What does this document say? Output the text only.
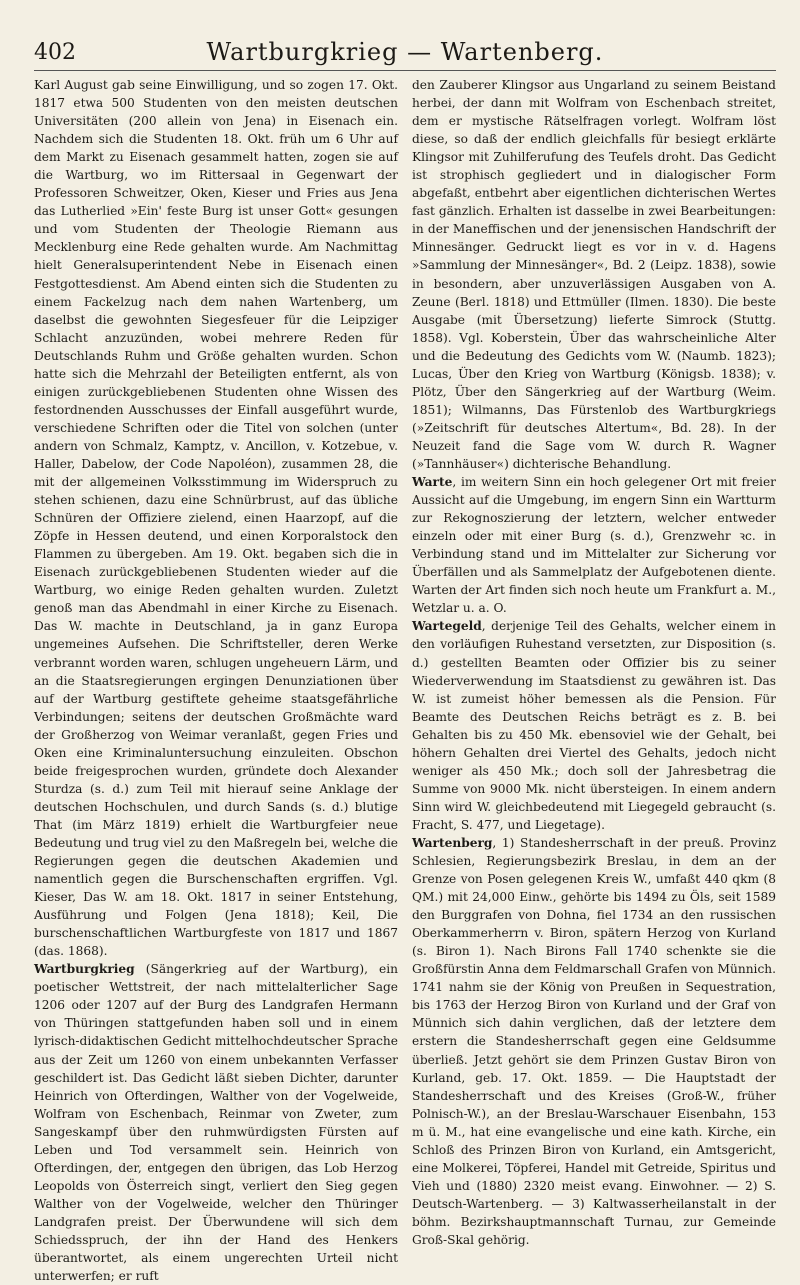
402	Wartburgkrieg — Wartenberg.

Karl August gab seine Einwilligung, und so zogen 17. Okt. 1817 etwa 500 Studenten von den meisten deutschen Universitäten (200 allein von Jena) in Eisenach ein. Nachdem sich die Studenten 18. Okt. früh um 6 Uhr auf dem Markt zu Eisenach gesammelt hatten, zogen sie auf die Wartburg, wo im Rittersaal in Gegenwart der Professoren Schweitzer, Oken, Kieser und Fries aus Jena das Lutherlied »Ein' feste Burg ist unser Gott« gesungen und vom Studenten der Theologie Riemann aus Mecklenburg eine Rede gehalten wurde. Am Nachmittag hielt Generalsuperintendent Nebe in Eisenach einen Festgottesdienst. Am Abend einten sich die Studenten zu einem Fackelzug nach dem nahen Wartenberg, um daselbst die gewohnten Siegesfeuer für die Leipziger Schlacht anzuzünden, wobei mehrere Reden für Deutschlands Ruhm und Größe gehalten wurden. Schon hatte sich die Mehrzahl der Beteiligten entfernt, als von einigen zurückgebliebenen Studenten ohne Wissen des festordnenden Ausschusses der Einfall ausgeführt wurde, verschiedene Schriften oder die Titel von solchen (unter andern von Schmalz, Kamptz, v. Ancillon, v. Kotzebue, v. Haller, Dabelow, der Code Napoléon), zusammen 28, die mit der allgemeinen Volksstimmung im Widerspruch zu stehen schienen, dazu eine Schnürbrust, auf das übliche Schnüren der Offiziere zielend, einen Haarzopf, auf die Zöpfe in Hessen deutend, und einen Korporalstock den Flammen zu übergeben. Am 19. Okt. begaben sich die in Eisenach zurückgebliebenen Studenten wieder auf die Wartburg, wo einige Reden gehalten wurden. Zuletzt genoß man das Abendmahl in einer Kirche zu Eisenach. Das W. machte in Deutschland, ja in ganz Europa ungemeines Aufsehen. Die Schriftsteller, deren Werke verbrannt worden waren, schlugen ungeheuern Lärm, und an die Staatsregierungen ergingen Denunziationen über auf der Wartburg gestiftete geheime staatsgefährliche Verbindungen; seitens der deutschen Großmächte ward der Großherzog von Weimar veranlaßt, gegen Fries und Oken eine Kriminaluntersuchung einzuleiten. Obschon beide freigesprochen wurden, gründete doch Alexander Sturdza (s. d.) zum Teil mit hierauf seine Anklage der deutschen Hochschulen, und durch Sands (s. d.) blutige That (im März 1819) erhielt die Wartburgfeier neue Bedeutung und trug viel zu den Maßregeln bei, welche die Regierungen gegen die deutschen Akademien und namentlich gegen die Burschenschaften ergriffen. Vgl. Kieser, Das W. am 18. Okt. 1817 in seiner Entstehung, Ausführung und Folgen (Jena 1818); Keil, Die burschenschaftlichen Wartburgfeste von 1817 und 1867 (das. 1868).

Wartburgkrieg (Sängerkrieg auf der Wartburg), ein poetischer Wettstreit, der nach mittelalterlicher Sage 1206 oder 1207 auf der Burg des Landgrafen Hermann von Thüringen stattgefunden haben soll und in einem lyrisch-didaktischen Gedicht mittelhochdeutscher Sprache aus der Zeit um 1260 von einem unbekannten Verfasser geschildert ist. Das Gedicht läßt sieben Dichter, darunter Heinrich von Ofterdingen, Walther von der Vogelweide, Wolfram von Eschenbach, Reinmar von Zweter, zum Sangeskampf über den ruhmwürdigsten Fürsten auf Leben und Tod versammelt sein. Heinrich von Ofterdingen, der, entgegen den übrigen, das Lob Herzog Leopolds von Österreich singt, verliert den Sieg gegen Walther von der Vogelweide, welcher den Thüringer Landgrafen preist. Der Überwundene will sich dem Schiedsspruch, der ihn der Hand des Henkers überantwortet, als einem ungerechten Urteil nicht unterwerfen; er ruft

den Zauberer Klingsor aus Ungarland zu seinem Beistand herbei, der dann mit Wolfram von Eschenbach streitet, dem er mystische Rätselfragen vorlegt. Wolfram löst diese, so daß der endlich gleichfalls für besiegt erklärte Klingsor mit Zuhilferufung des Teufels droht. Das Gedicht ist strophisch gegliedert und in dialogischer Form abgefaßt, entbehrt aber eigentlichen dichterischen Wertes fast gänzlich. Erhalten ist dasselbe in zwei Bearbeitungen: in der Maneffischen und der jenensischen Handschrift der Minnesänger. Gedruckt liegt es vor in v. d. Hagens »Sammlung der Minnesänger«, Bd. 2 (Leipz. 1838), sowie in besondern, aber unzuverlässigen Ausgaben von A. Zeune (Berl. 1818) und Ettmüller (Ilmen. 1830). Die beste Ausgabe (mit Übersetzung) lieferte Simrock (Stuttg. 1858). Vgl. Koberstein, Über das wahrscheinliche Alter und die Bedeutung des Gedichts vom W. (Naumb. 1823); Lucas, Über den Krieg von Wartburg (Königsb. 1838); v. Plötz, Über den Sängerkrieg auf der Wartburg (Weim. 1851); Wilmanns, Das Fürstenlob des Wartburgkriegs (»Zeitschrift für deutsches Altertum«, Bd. 28). In der Neuzeit fand die Sage vom W. durch R. Wagner (»Tannhäuser«) dichterische Behandlung.

Warte, im weitern Sinn ein hoch gelegener Ort mit freier Aussicht auf die Umgebung, im engern Sinn ein Wartturm zur Rekognoszierung der letztern, welcher entweder einzeln oder mit einer Burg (s. d.), Grenzwehr ꝛc. in Verbindung stand und im Mittelalter zur Sicherung vor Überfällen und als Sammelplatz der Aufgebotenen diente. Warten der Art finden sich noch heute um Frankfurt a. M., Wetzlar u. a. O.

Wartegeld, derjenige Teil des Gehalts, welcher einem in den vorläufigen Ruhestand versetzten, zur Disposition (s. d.) gestellten Beamten oder Offizier bis zu seiner Wiederverwendung im Staatsdienst zu gewähren ist. Das W. ist zumeist höher bemessen als die Pension. Für Beamte des Deutschen Reichs beträgt es z. B. bei Gehalten bis zu 450 Mk. ebensoviel wie der Gehalt, bei höhern Gehalten drei Viertel des Gehalts, jedoch nicht weniger als 450 Mk.; doch soll der Jahresbetrag die Summe von 9000 Mk. nicht übersteigen. In einem andern Sinn wird W. gleichbedeutend mit Liegegeld gebraucht (s. Fracht, S. 477, und Liegetage).

Wartenberg, 1) Standesherrschaft in der preuß. Provinz Schlesien, Regierungsbezirk Breslau, in dem an der Grenze von Posen gelegenen Kreis W., umfaßt 440 qkm (8 QM.) mit 24,000 Einw., gehörte bis 1494 zu Öls, seit 1589 den Burggrafen von Dohna, fiel 1734 an den russischen Oberkammerherrn v. Biron, spätern Herzog von Kurland (s. Biron 1). Nach Birons Fall 1740 schenkte sie die Großfürstin Anna dem Feldmarschall Grafen von Münnich. 1741 nahm sie der König von Preußen in Sequestration, bis 1763 der Herzog Biron von Kurland und der Graf von Münnich sich dahin verglichen, daß der letztere dem erstern die Standesherrschaft gegen eine Geldsumme überließ. Jetzt gehört sie dem Prinzen Gustav Biron von Kurland, geb. 17. Okt. 1859. — Die Hauptstadt der Standesherrschaft und des Kreises (Groß-W., früher Polnisch-W.), an der Breslau-Warschauer Eisenbahn, 153 m ü. M., hat eine evangelische und eine kath. Kirche, ein Schloß des Prinzen Biron von Kurland, ein Amtsgericht, eine Molkerei, Töpferei, Handel mit Getreide, Spiritus und Vieh und (1880) 2320 meist evang. Einwohner. — 2) S. Deutsch-Wartenberg. — 3) Kaltwasserheilanstalt in der böhm. Bezirkshauptmannschaft Turnau, zur Gemeinde Groß-Skal gehörig.
